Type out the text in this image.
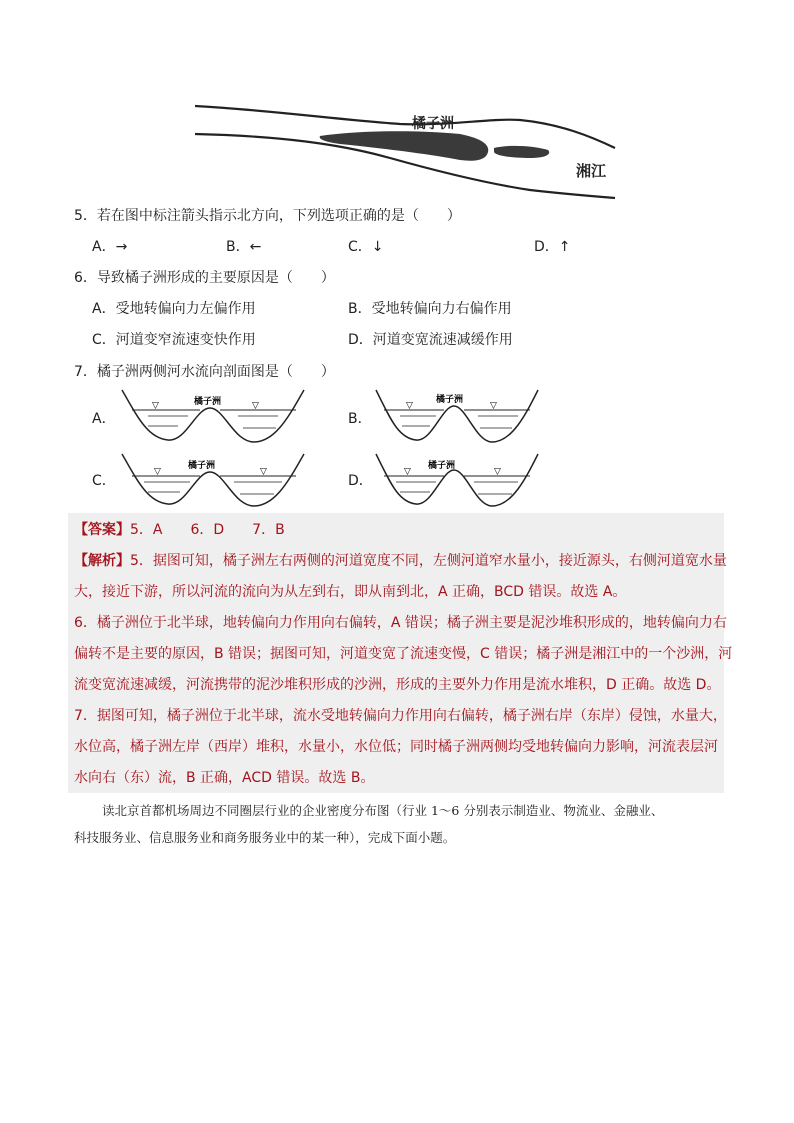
橘子洲
湘江
5．若在图中标注箭头指示北方向，下列选项正确的是（　　）
A．→	B．←	C．↓	D．↑
6．导致橘子洲形成的主要原因是（　　）
A．受地转偏向力左偏作用	B．受地转偏向力右偏作用
C．河道变窄流速变快作用	D．河道变宽流速减缓作用
7．橘子洲两侧河水流向剖面图是（　　）
A．	B．
C．	D．
橘子洲
▽	▽
橘子洲
▽	▽
橘子洲
▽	▽
橘子洲
▽	▽
【答案】5．A　　6．D　　7．B
【解析】5．据图可知，橘子洲左右两侧的河道宽度不同，左侧河道窄水量小，接近源头，右侧河道宽水量
大，接近下游，所以河流的流向为从左到右，即从南到北，A 正确，BCD 错误。故选 A。
6．橘子洲位于北半球，地转偏向力作用向右偏转，A 错误；橘子洲主要是泥沙堆积形成的，地转偏向力右
偏转不是主要的原因，B 错误；据图可知，河道变宽了流速变慢，C 错误；橘子洲是湘江中的一个沙洲，河
流变宽流速减缓，河流携带的泥沙堆积形成的沙洲，形成的主要外力作用是流水堆积，D 正确。故选 D。
7．据图可知，橘子洲位于北半球，流水受地转偏向力作用向右偏转，橘子洲右岸（东岸）侵蚀，水量大，
水位高，橘子洲左岸（西岸）堆积，水量小，水位低；同时橘子洲两侧均受地转偏向力影响，河流表层河
水向右（东）流，B 正确，ACD 错误。故选 B。
读北京首都机场周边不同圈层行业的企业密度分布图（行业 1～6 分别表示制造业、物流业、金融业、
科技服务业、信息服务业和商务服务业中的某一种），完成下面小题。
